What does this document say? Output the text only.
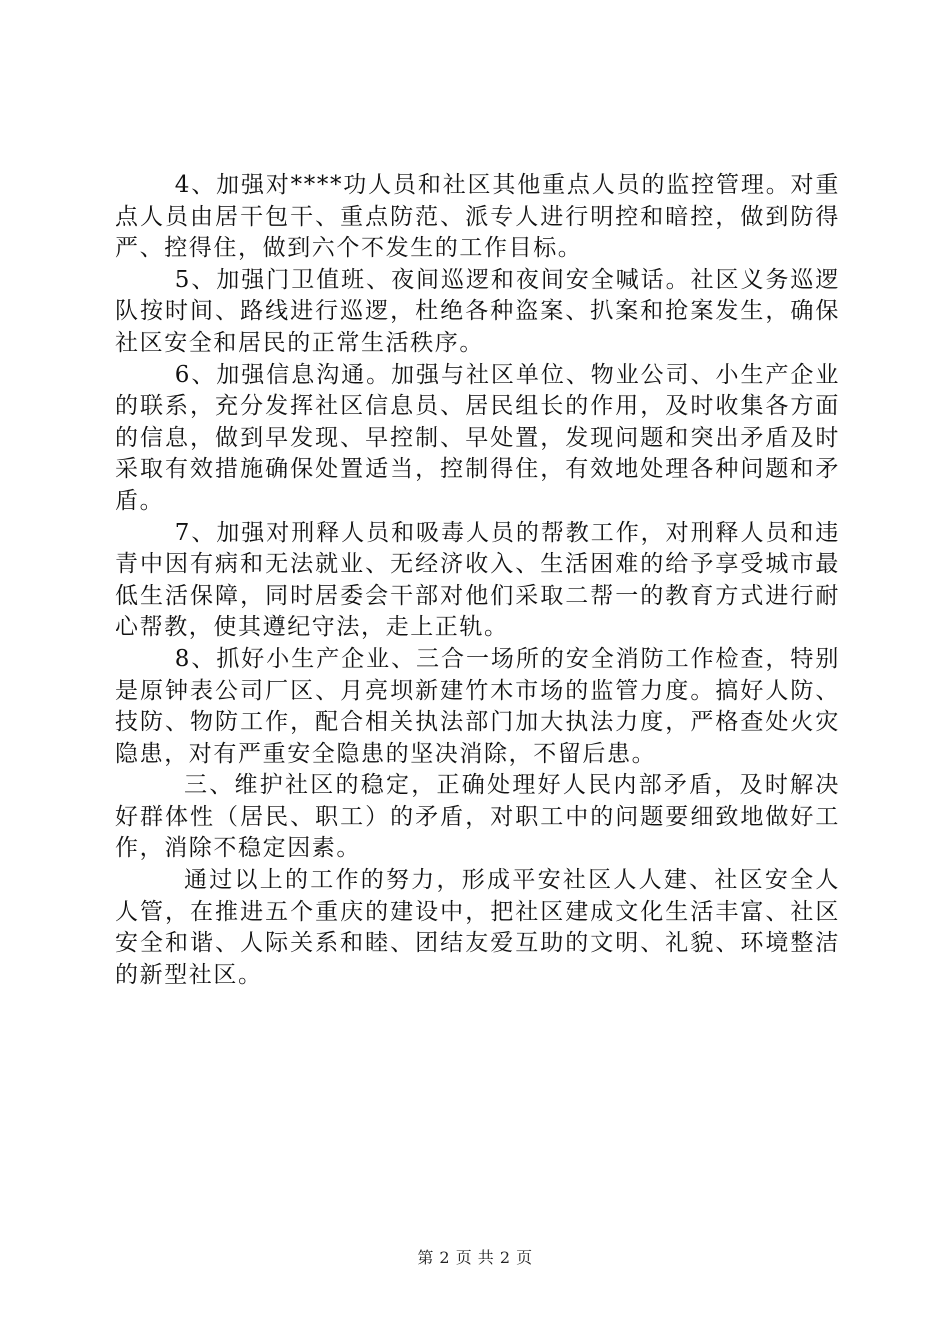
4、加强对****功人员和社区其他重点人员的监控管理。对重点人员由居干包干、重点防范、派专人进行明控和暗控，做到防得严、控得住，做到六个不发生的工作目标。

5、加强门卫值班、夜间巡逻和夜间安全喊话。社区义务巡逻队按时间、路线进行巡逻，杜绝各种盗案、扒案和抢案发生，确保社区安全和居民的正常生活秩序。

6、加强信息沟通。加强与社区单位、物业公司、小生产企业的联系，充分发挥社区信息员、居民组长的作用，及时收集各方面的信息，做到早发现、早控制、早处置，发现问题和突出矛盾及时采取有效措施确保处置适当，控制得住，有效地处理各种问题和矛盾。

7、加强对刑释人员和吸毒人员的帮教工作，对刑释人员和违青中因有病和无法就业、无经济收入、生活困难的给予享受城市最低生活保障，同时居委会干部对他们采取二帮一的教育方式进行耐心帮教，使其遵纪守法，走上正轨。

8、抓好小生产企业、三合一场所的安全消防工作检查，特别是原钟表公司厂区、月亮坝新建竹木市场的监管力度。搞好人防、技防、物防工作，配合相关执法部门加大执法力度，严格查处火灾隐患，对有严重安全隐患的坚决消除，不留后患。

三、维护社区的稳定，正确处理好人民内部矛盾，及时解决好群体性（居民、职工）的矛盾，对职工中的问题要细致地做好工作，消除不稳定因素。

通过以上的工作的努力，形成平安社区人人建、社区安全人人管，在推进五个重庆的建设中，把社区建成文化生活丰富、社区安全和谐、人际关系和睦、团结友爱互助的文明、礼貌、环境整洁的新型社区。

第 2 页 共 2 页
